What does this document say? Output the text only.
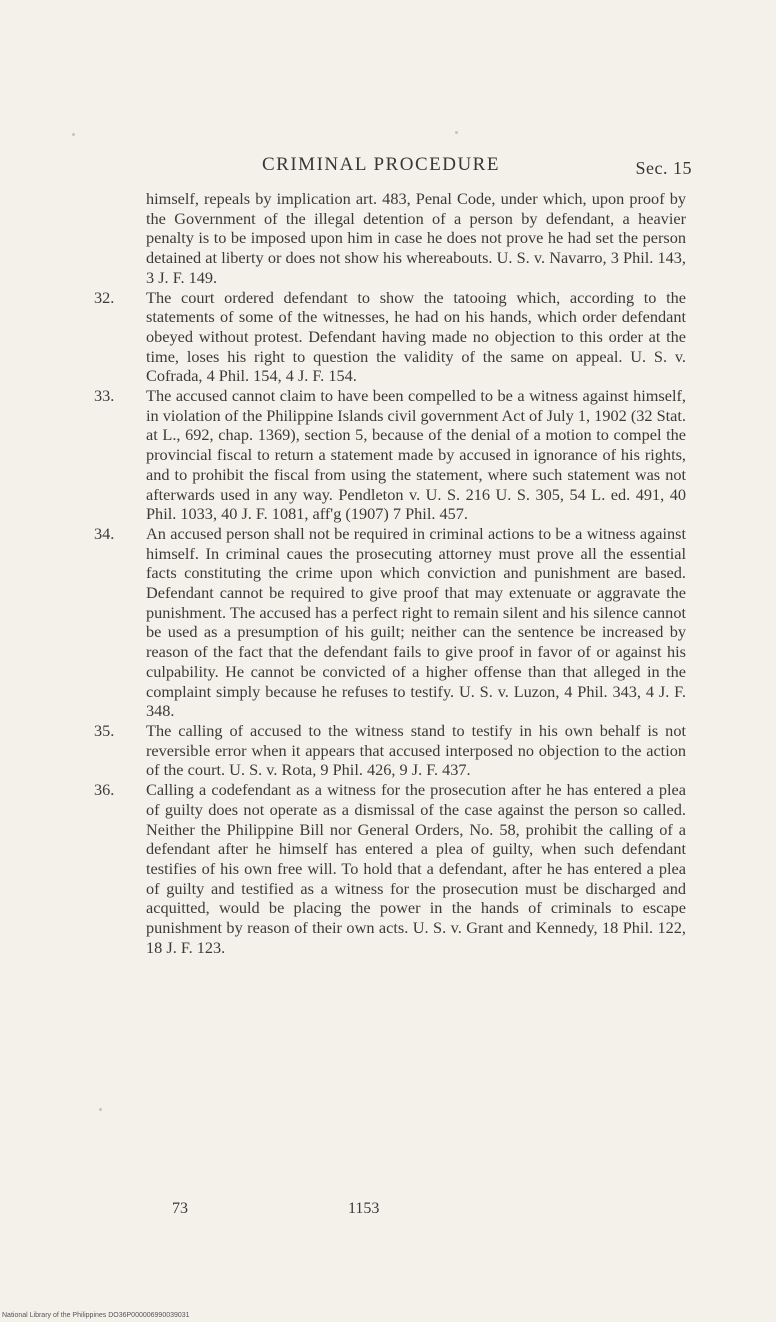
CRIMINAL PROCEDURE	Sec. 15

himself, repeals by implication art. 483, Penal Code, under which, upon proof by the Government of the illegal detention of a person by defendant, a heavier penalty is to be imposed upon him in case he does not prove he had set the person detained at liberty or does not show his whereabouts. U. S. v. Navarro, 3 Phil. 143, 3 J. F. 149.

32. The court ordered defendant to show the tatooing which, according to the statements of some of the witnesses, he had on his hands, which order defendant obeyed without protest. Defendant having made no objection to this order at the time, loses his right to question the validity of the same on appeal. U. S. v. Cofrada, 4 Phil. 154, 4 J. F. 154.

33. The accused cannot claim to have been compelled to be a witness against himself, in violation of the Philippine Islands civil government Act of July 1, 1902 (32 Stat. at L., 692, chap. 1369), section 5, because of the denial of a motion to compel the provincial fiscal to return a statement made by accused in ignorance of his rights, and to prohibit the fiscal from using the statement, where such statement was not afterwards used in any way. Pendleton v. U. S. 216 U. S. 305, 54 L. ed. 491, 40 Phil. 1033, 40 J. F. 1081, aff'g (1907) 7 Phil. 457.

34. An accused person shall not be required in criminal actions to be a witness against himself. In criminal caues the prosecuting attorney must prove all the essential facts constituting the crime upon which conviction and punishment are based. Defendant cannot be required to give proof that may extenuate or aggravate the punishment. The accused has a perfect right to remain silent and his silence cannot be used as a presumption of his guilt; neither can the sentence be increased by reason of the fact that the defendant fails to give proof in favor of or against his culpability. He cannot be convicted of a higher offense than that alleged in the complaint simply because he refuses to testify. U. S. v. Luzon, 4 Phil. 343, 4 J. F. 348.

35. The calling of accused to the witness stand to testify in his own behalf is not reversible error when it appears that accused interposed no objection to the action of the court. U. S. v. Rota, 9 Phil. 426, 9 J. F. 437.

36. Calling a codefendant as a witness for the prosecution after he has entered a plea of guilty does not operate as a dismissal of the case against the person so called. Neither the Philippine Bill nor General Orders, No. 58, prohibit the calling of a defendant after he himself has entered a plea of guilty, when such defendant testifies of his own free will. To hold that a defendant, after he has entered a plea of guilty and testified as a witness for the prosecution must be discharged and acquitted, would be placing the power in the hands of criminals to escape punishment by reason of their own acts. U. S. v. Grant and Kennedy, 18 Phil. 122, 18 J. F. 123.

73	1153
National Library of the Philippines DO36P000006990039031
